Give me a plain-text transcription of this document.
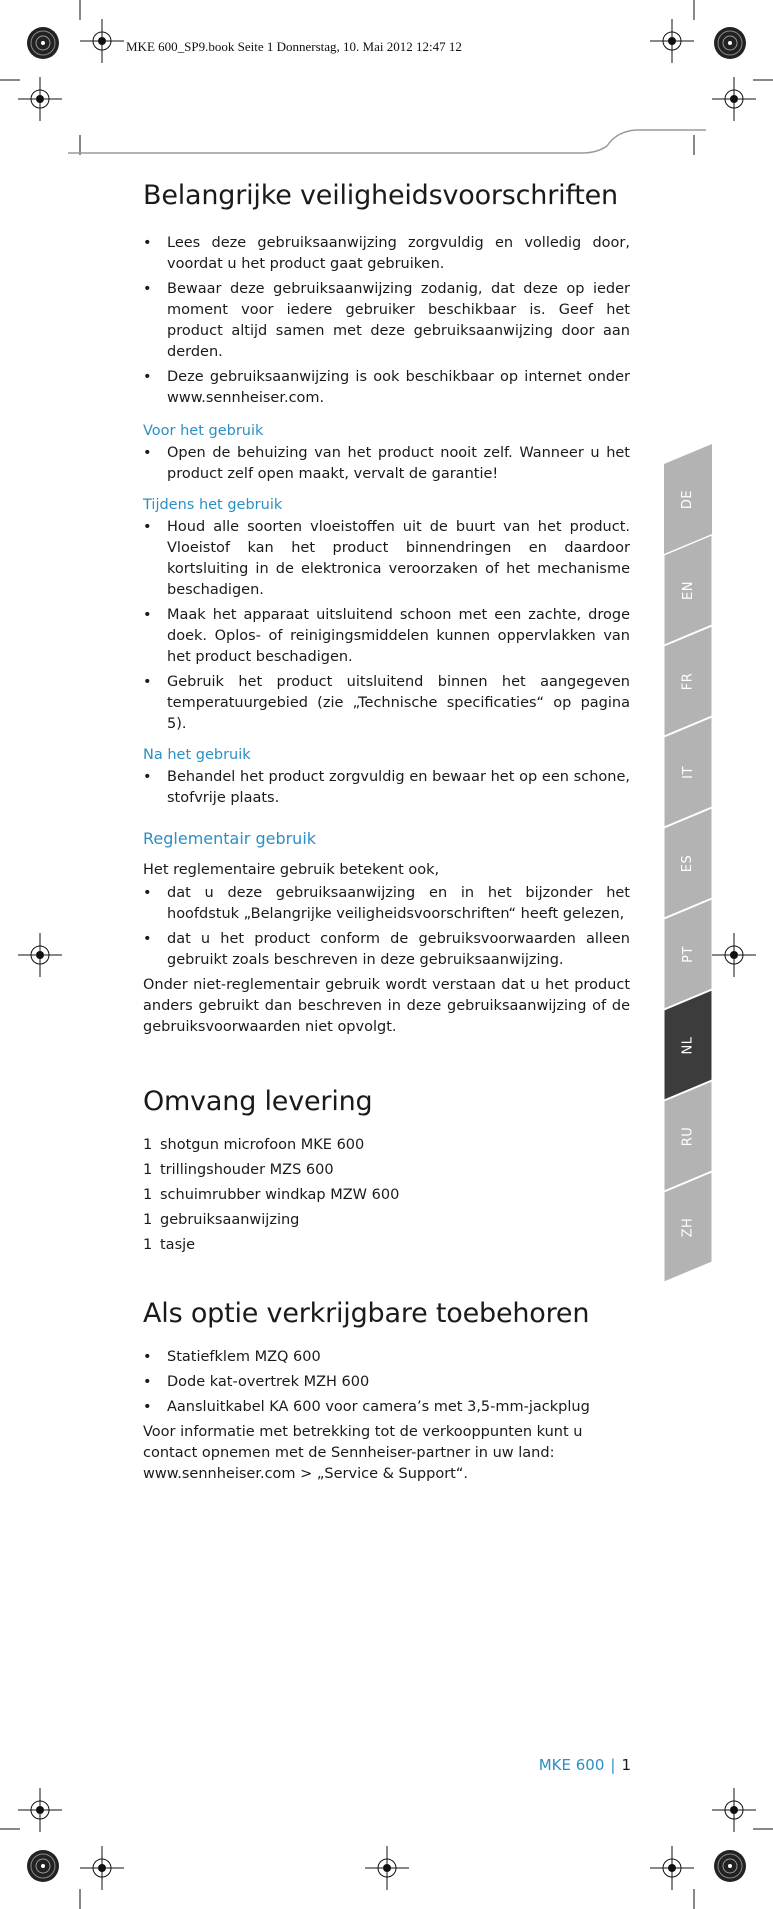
MKE 600_SP9.book Seite 1 Donnerstag, 10. Mai 2012 12:47 12
Belangrijke veiligheidsvoorschriften
• Lees deze gebruiksaanwijzing zorgvuldig en volledig door, voordat u het product gaat gebruiken.
• Bewaar deze gebruiksaanwijzing zodanig, dat deze op ieder moment voor iedere gebruiker beschikbaar is. Geef het product altijd samen met deze gebruiksaanwijzing door aan derden.
• Deze gebruiksaanwijzing is ook beschikbaar op internet onder www.sennheiser.com.
Voor het gebruik
• Open de behuizing van het product nooit zelf. Wanneer u het product zelf open maakt, vervalt de garantie!
Tijdens het gebruik
• Houd alle soorten vloeistoffen uit de buurt van het product. Vloeistof kan het product binnendringen en daardoor kortsluiting in de elektronica veroorzaken of het mechanisme beschadigen.
• Maak het apparaat uitsluitend schoon met een zachte, droge doek. Oplos- of reinigingsmiddelen kunnen oppervlakken van het product beschadigen.
• Gebruik het product uitsluitend binnen het aangegeven temperatuurgebied (zie „Technische specificaties“ op pagina 5).
Na het gebruik
• Behandel het product zorgvuldig en bewaar het op een schone, stofvrije plaats.
Reglementair gebruik

Het reglementaire gebruik betekent ook,

• dat u deze gebruiksaanwijzing en in het bijzonder het hoofdstuk „Belangrijke veiligheidsvoorschriften“ heeft gelezen,
• dat u het product conform de gebruiksvoorwaarden alleen gebruikt zoals beschreven in deze gebruiksaanwijzing.

Onder niet-reglementair gebruik wordt verstaan dat u het product anders gebruikt dan beschreven in deze gebruiksaanwijzing of de gebruiksvoorwaarden niet opvolgt.

Omvang levering
1 shotgun microfoon MKE 600
1 trillingshouder MZS 600
1 schuimrubber windkap MZW 600
1 gebruiksaanwijzing
1 tasje
Als optie verkrijgbare toebehoren
• Statiefklem MZQ 600
• Dode kat-overtrek MZH 600
• Aansluitkabel KA 600 voor camera’s met 3,5-mm-jackplug

Voor informatie met betrekking tot de verkooppunten kunt u contact opnemen met de Sennheiser-partner in uw land: www.sennheiser.com > „Service & Support“.

DE
EN
FR
IT
ES
PT
NL
RU
ZH
MKE 600 | 1
